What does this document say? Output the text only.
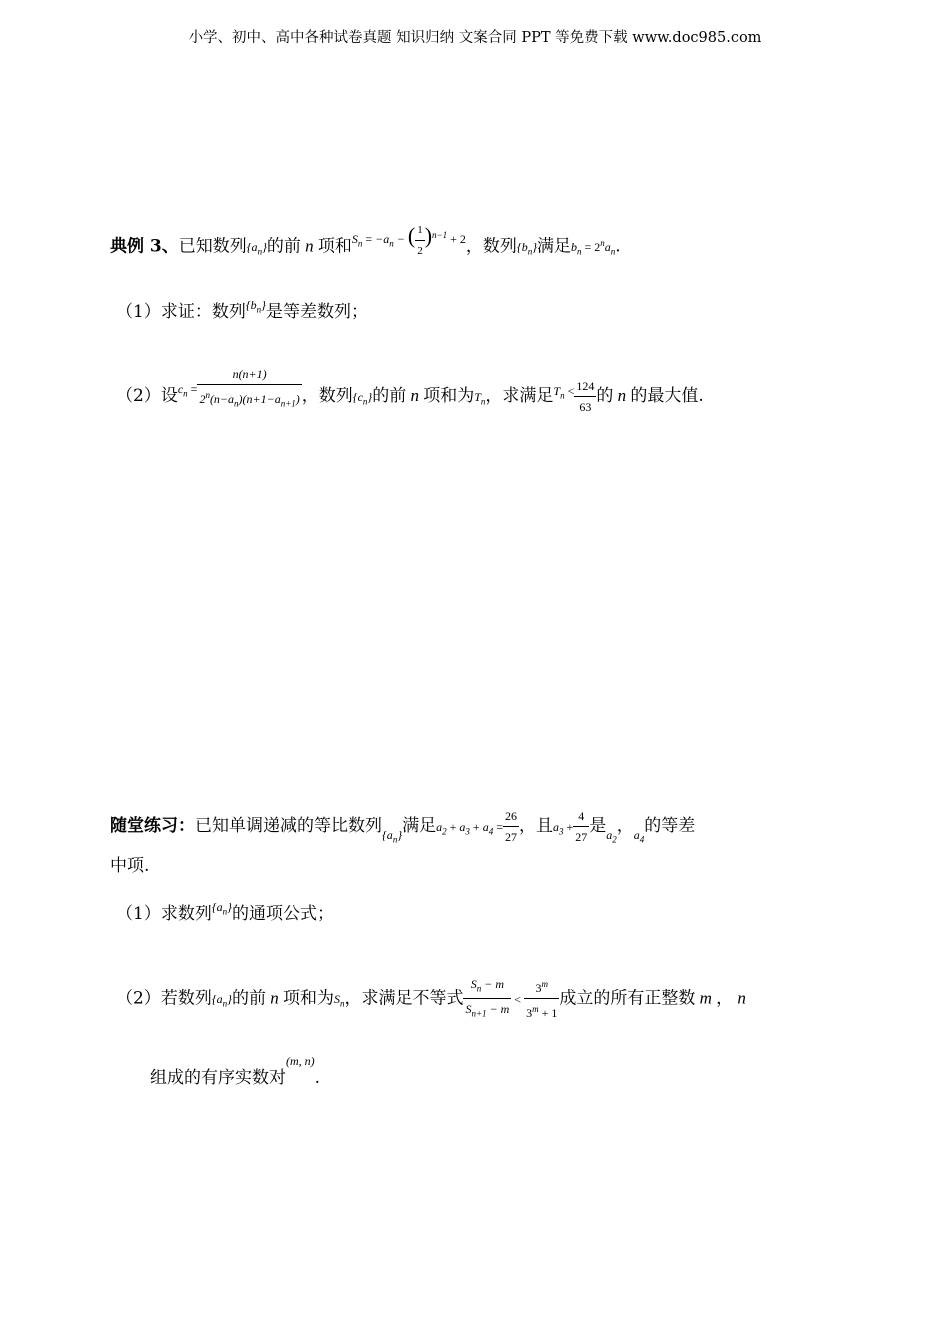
小学、初中、高中各种试卷真题 知识归纳 文案合同 PPT 等免费下载 www.doc985.com
典例 3、已知数列$\{a_n\}$的前 n 项和$^{S_n = -a_n - ( \frac{1}{2} )^{n-1} + 2}$，数列$\{b_n\}$满足$b_n = 2^na_n$.
（1）求证：数列$^{\{b_n\}}$是等差数列；
（2）设$^{c_n =} \frac{n(n+1)}{2^n(n-a_n)(n+1-a_{n+1})}$ ，数列$\{c_n\}$的前 n 项和为$T_n$，求满足$^{T_n <} \frac{124}{63}$ 的 n 的最大值.
随堂练习：已知单调递减的等比数列$_{\{a_n\}}$满足$a_2 + a_3 + a_4 = \frac{26}{27}$ ，且$a_3 + \frac{4}{27}$ 是$_{a_2}$，$_{a_4}$的等差
中项.
（1）求数列$^{\{a_n\}}$的通项公式；
（2）若数列$\{a_n\}$的前 n 项和为$S_n$，求满足不等式 $\frac{S_n - m}{S_{n+1} - m} < \frac{3^m}{3^m + 1}$ 成立的所有正整数 m ， n
组成的有序实数对$^{(m, n)}$.
